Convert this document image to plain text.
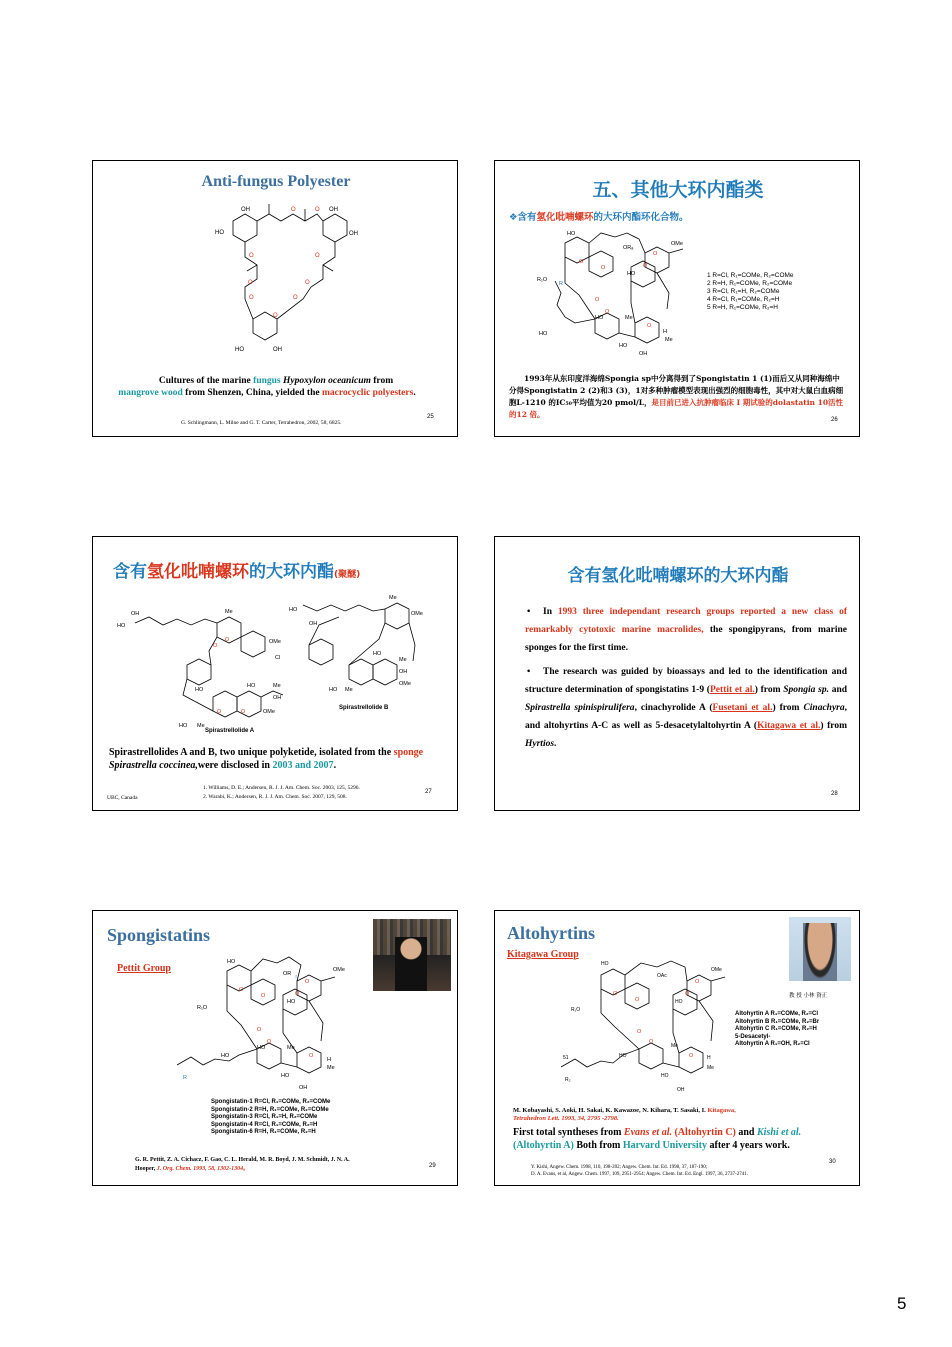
Anti-fungus Polyester
O	O
O	O
O	O
O	O
O
OH
HO	OH
OH
HO	OH
Cultures of the marine fungus Hypoxylon oceanicum from
mangrove wood from Shenzen, China, yielded the macrocyclic polyesters.
G. Schlingmann, L. Milne and G. T. Carter, Tetrahedron, 2002, 58, 6825.
25
五、其他大环内酯类
❖含有氢化吡喃螺环的大环内酯环化合物。
O
O	O
O
O
O
O
HO
ORₐ
OMe
R₁O
HO
R
HO
HO	Me
HO
H
Me
OH
1 R=Cl, R₁=COMe, R₂=COMe
2 R=H, R₁=COMe, R₂=COMe
3 R=Cl, R₁=H, R₂=COMe
4 R=Cl, R₁=COMe, R₂=H
5 R=H, R₁=COMe, R₂=H
1993年从东印度洋海绵Spongia sp中分离得到了Spongistatin 1 (1)而后又从同种海绵中分得Spongistatin 2 (2)和3 (3)，1对多种肿瘤模型表现出强烈的细胞毒性，其中对大鼠白血病细胞L-1210 的IC₅₀平均值为20 pmol/L，是目前已进入抗肿瘤临床 I 期试验的dolastatin 10活性的12 倍。
26
含有氢化吡喃螺环的大环内酯(聚醚)
O
O
O	O
HO
OH	Me
OMe
Cl
HO
HO Me
OMe
HO	Me
OH
Spirastrellolide A
HO
OH
Me
OMe
HO
Me
OH
HO Me
OMe
Spirastrellolide B
Spirastrellolides A and B, two unique polyketide, isolated from the sponge Spirastrella coccinea,were disclosed in 2003 and 2007.
1. Williams, D. E.; Andersen, R. J. J. Am. Chem. Soc. 2003, 125, 5296.
2. Warabi, K.; Andersen, R. J. J. Am. Chem. Soc. 2007, 129, 508.
UBC, Canada
27
含有氢化吡喃螺环的大环内酯
• In 1993 three independant research groups reported a new class of remarkably cytotoxic marine macrolides, the spongipyrans, from marine sponges for the first time.
• The research was guided by bioassays and led to the identification and structure determination of spongistatins 1-9 (Pettit et al.) from Spongia sp. and Spirastrella spinispirulifera, cinachyrolide A (Fusetani et al.) from Cinachyra, and altohyrtins A-C as well as 5-desacetylaltohyrtin A (Kitagawa et al.) from Hyrtios.
28
Spongistatins
Pettit Group
O
O	O
O
O
O
O
HO
OR ₂
OMe
R₁O
HO
HO
HO	Me
HO
H
Me
OH
R
Spongistatin-1 R=Cl, R₁=COMe, R₂=COMe
Spongistatin-2 R=H, R₁=COMe, R₂=COMe
Spongistatin-3 R=Cl, R₁=H, R₂=COMe
Spongistatin-4 R=Cl, R₁=COMe, R₂=H
Spongistatin-6 R=H, R₁=COMe, R₂=H
G. R. Pettit, Z. A. Cichacz, F. Gao, C. L. Herald, M. R. Boyd, J. M. Schmidt, J. N. A.
Hooper, J. Org. Chem. 1993, 58, 1302-1304。	29
Altohyrtins
Kitagawa Group
O
O
O
O
O
O
O
HO
OAc
OMe
R₁O
HO
HO
Me
HO
H
Me
OH
R₂
51
教 授 小林 資正
Altohyrtin A R₁=COMe, R₂=Cl
Altohyrtin B R₁=COMe, R₂=Br
Altohyrtin C R₁=COMe, R₂=H
5-Desacetyl-
Altohyrtin A R₁=OH, R₂=Cl
M. Kobayashi, S. Aoki, H. Sakai, K. Kawazoe, N. Kihara, T. Sasaki, I. Kitagawa,
Tetrahedron Lett. 1993, 34, 2795 -2798.
First total syntheses from Evans et al. (Altohyrtin C) and Kishi et al. (Altohyrtin A) Both from Harvard University after 4 years work.
Y. Kishi, Angew. Chem. 1998, 110, 198-202; Angew. Chem. Int. Ed. 1998, 37, 187-190;
D. A. Evans, et al, Angew. Chem. 1997, 109, 2951-2954; Angew. Chem. Int. Ed. Engl. 1997, 36, 2737-2741.
30
5
